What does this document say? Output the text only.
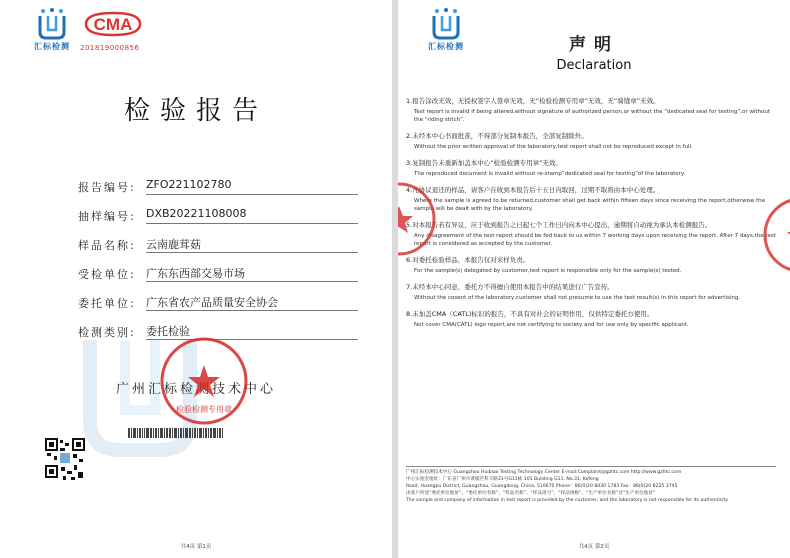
汇标检测
CMA
201819000856
检验报告
报告编号: ZFO221102780
抽样编号: DXB20221108008
样品名称: 云南鹿茸菇
受检单位: 广东东西部交易市场
委托单位: 广东省农产品质量安全协会
检测类别: 委托检验
广州汇标检测技术中心
检验检测专用章
共4页 第1页
汇标检测	声明
Declaration
1.报告涂改无效，无授权签字人签章无效，无“检验检测专用章”无效，无“骑缝章”无效。
Test report is invalid if being altered,without signature of authorized person,or without the “dedicated seal for testing”,or without the “riding stitch”.
2.未经本中心书面批准，不得部分复制本报告，全部复制除外。
Without the prior written approval of the laboratory,test report shall not be reproduced except in full.
3.复制报告未重新加盖本中心“检验检测专用章”无效。
The reproduced document is invalid without re-stamp“dedicated seal for testing”of the laboratory.
4.凡协议退还的样品，请客户在收到本报告后十五日内取回，过期不取将由本中心处理。
Where the sample is agreed to be returned,customer shall get back within fifteen days since receiving the report,otherwise the sample will be dealt with by the laboratory.
5.对本报告若有异议，应于收到报告之日起七个工作日内向本中心提出，逾期将自动视为承认本检测报告。
Any disagreement of the test report should be fed back to us within 7 working days upon receiving the report. After 7 days,the test report is considered as accepted by the customer.
6.对委托检验样品，本报告仅对来样负责。
For the sample(s) delegated by customer,test report is responsible only for the sample(s) tested.
7.未经本中心同意，委托方不得擅自使用本报告中的结果进行广告宣传。
Without the cosent of the laboratory,customer shall not presume to use the test result(s) in this report for advertising.
8.未加盖CMA（CATL)标识的报告，不具有对社会的证明作用，仅供特定委托方使用。
Not cover CMA(CATL) logo report,are not certifying to society and for use only by specific applicant.
广州汇标检测技术中心 Guangzhou Huibiao Testing Technology Center E-mail:Complaint@gzhtc.com http://www.gzhtc.com
中心实验室地址：广东省广州市黄埔区科丰路31号G11栋 101 Building G11, No.31, Kefeng
Road, Huangpu District, Guangzhou, Guangdong, China, 510670 Phone：86(0)20 8430 1783 Fax：86(0)20 8225 3745
由客户所述“委托单位地址”、“委托单位名称”、“样品名称”、“样品批号”、“样品规格”、“生产单位名称”及“生产单位地址”
The sample and company of information in test report is provided by the customer, and the laboratory is not responsible for its authenticity
共4页 第2页
